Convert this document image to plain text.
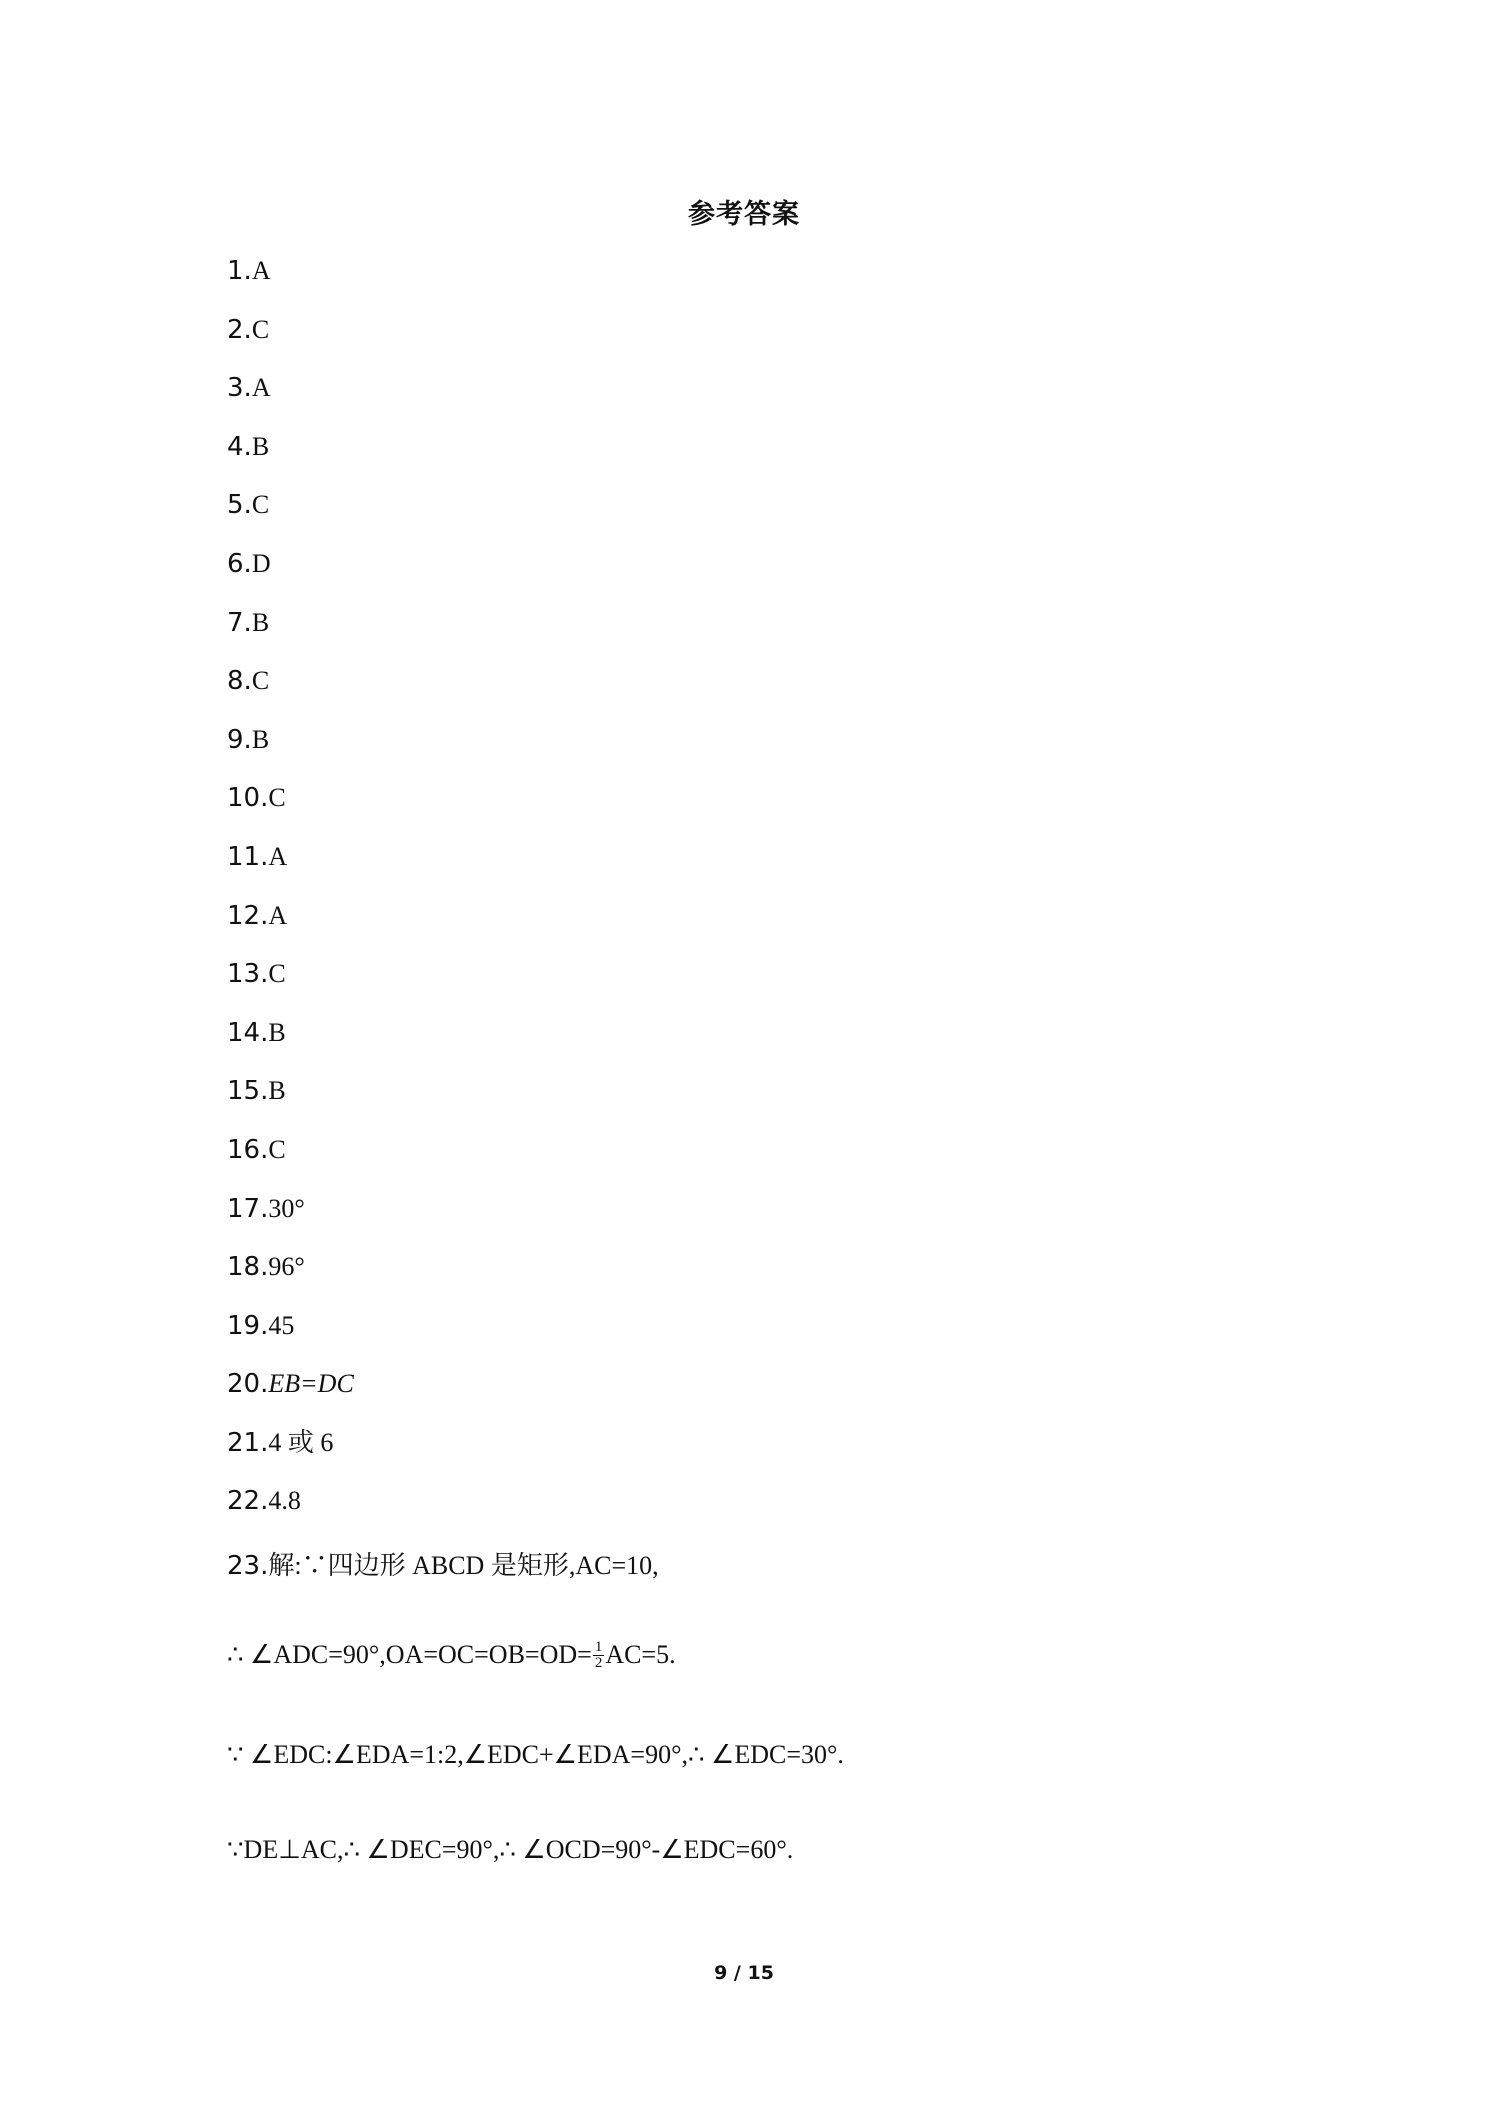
参考答案
1.A
2.C
3.A
4.B
5.C
6.D
7.B
8.C
9.B
10.C
11.A
12.A
13.C
14.B
15.B
16.C
17.30°
18.96°
19.45
20.EB=DC
21.4 或 6
22.4.8
23.解:∵四边形 ABCD 是矩形,AC=10,
∴ ∠ADC=90°,OA=OC=OB=OD= $\frac{1}{2} AC=5$.
∵ ∠EDC:∠EDA=1:2,∠EDC+∠EDA=90°,∴ ∠EDC=30°.
∵DE⊥AC,∴ ∠DEC=90°,∴ ∠OCD=90°-∠EDC=60°.
9 / 15
